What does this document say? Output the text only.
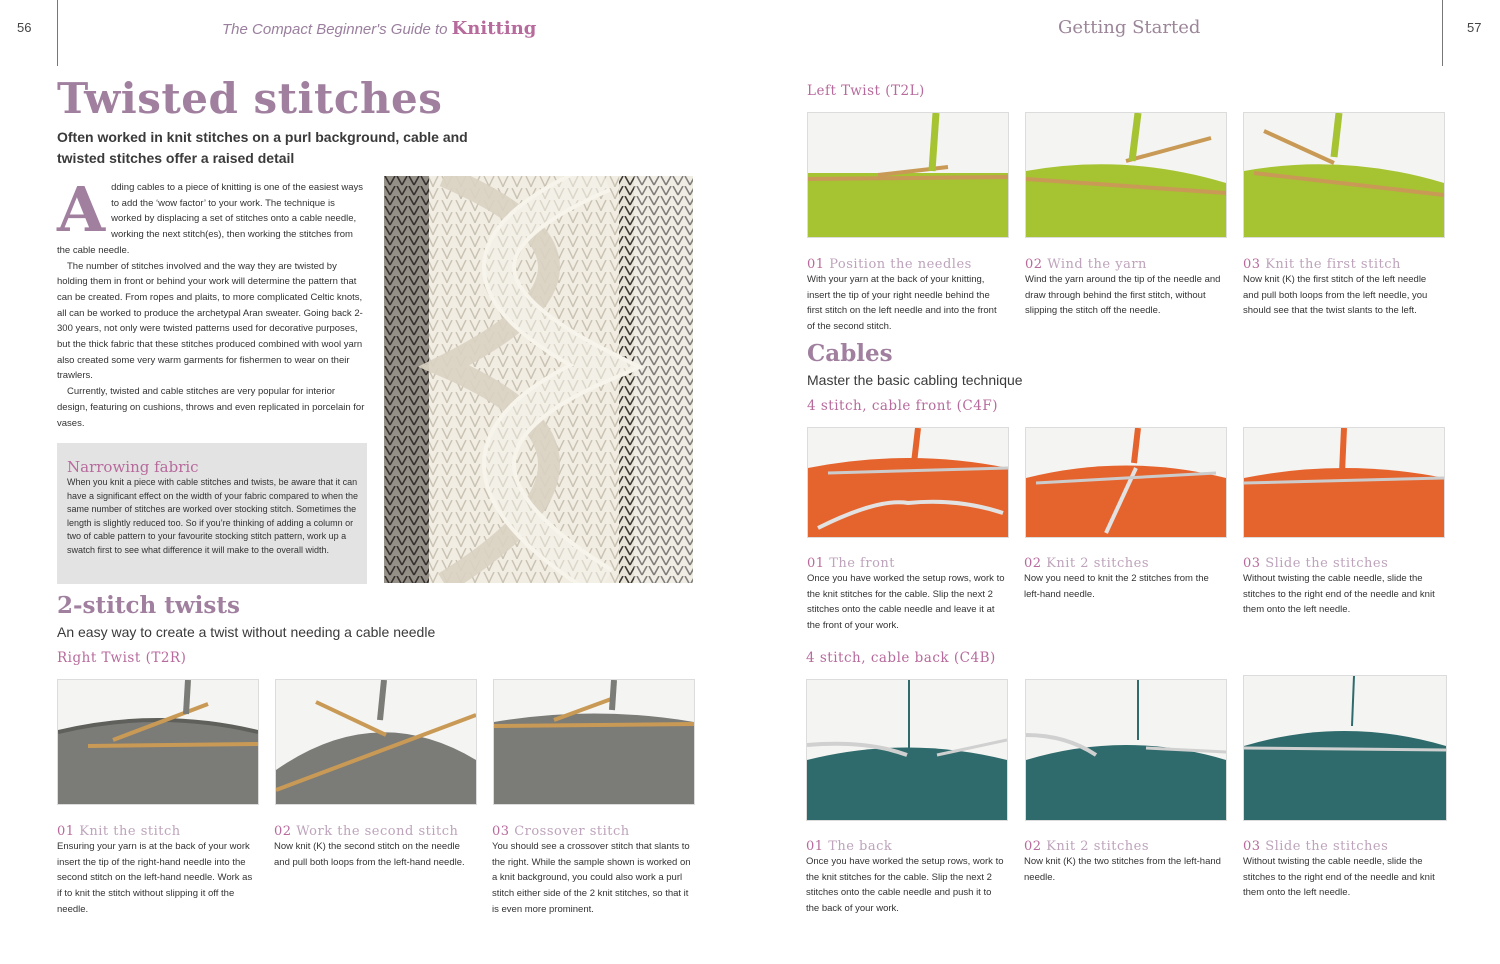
56	The Compact Beginner's Guide to Knitting	Getting Started	57
Twisted stitches
Often worked in knit stitches on a purl background, cable and twisted stitches offer a raised detail
A dding cables to a piece of knitting is one of the easiest ways to add the ‘wow factor’ to your work. The technique is worked by displacing a set of stitches onto a cable needle, working the next stitch(es), then working the stitches from the cable needle.

The number of stitches involved and the way they are twisted by holding them in front or behind your work will determine the pattern that can be created. From ropes and plaits, to more complicated Celtic knots, all can be worked to produce the archetypal Aran sweater. Going back 2-300 years, not only were twisted patterns used for decorative purposes, but the thick fabric that these stitches produced combined with wool yarn also created some very warm garments for fishermen to wear on their trawlers.

Currently, twisted and cable stitches are very popular for interior design, featuring on cushions, throws and even replicated in porcelain for vases.

Narrowing fabric
When you knit a piece with cable stitches and twists, be aware that it can have a significant effect on the width of your fabric compared to when the same number of stitches are worked over stocking stitch. Sometimes the length is slightly reduced too. So if you’re thinking of adding a column or two of cable pattern to your favourite stocking stitch pattern, work up a swatch first to see what difference it will make to the overall width.
2-stitch twists
An easy way to create a twist without needing a cable needle
Right Twist (T2R)
01 Knit the stitch
Ensuring your yarn is at the back of your work insert the tip of the right-hand needle into the second stitch on the left-hand needle. Work as if to knit the stitch without slipping it off the needle.
02 Work the second stitch
Now knit (K) the second stitch on the needle and pull both loops from the left-hand needle.
03 Crossover stitch
You should see a crossover stitch that slants to the right. While the sample shown is worked on a knit background, you could also work a purl stitch either side of the 2 knit stitches, so that it is even more prominent.
Left Twist (T2L)
01 Position the needles
With your yarn at the back of your knitting, insert the tip of your right needle behind the first stitch on the left needle and into the front of the second stitch.
02 Wind the yarn
Wind the yarn around the tip of the needle and draw through behind the first stitch, without slipping the stitch off the needle.
03 Knit the first stitch
Now knit (K) the first stitch of the left needle and pull both loops from the left needle, you should see that the twist slants to the left.
Cables
Master the basic cabling technique
4 stitch, cable front (C4F)
01 The front
Once you have worked the setup rows, work to the knit stitches for the cable. Slip the next 2 stitches onto the cable needle and leave it at the front of your work.
02 Knit 2 stitches
Now you need to knit the 2 stitches from the left-hand needle.
03 Slide the stitches
Without twisting the cable needle, slide the stitches to the right end of the needle and knit them onto the left needle.
4 stitch, cable back (C4B)
01 The back
Once you have worked the setup rows, work to the knit stitches for the cable. Slip the next 2 stitches onto the cable needle and push it to the back of your work.
02 Knit 2 stitches
Now knit (K) the two stitches from the left-hand needle.
03 Slide the stitches
Without twisting the cable needle, slide the stitches to the right end of the needle and knit them onto the left needle.
